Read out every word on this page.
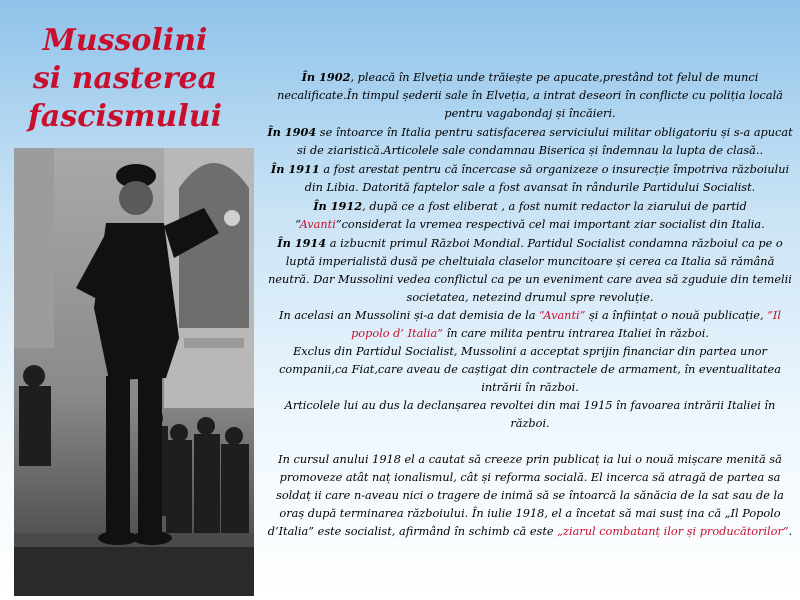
Mussolini
si nasterea
fascismului

În 1902, pleacă în Elveția unde trăiește pe apucate,prestând tot felul de munci necalificate.În timpul șederii sale în Elveția, a intrat deseori în conflicte cu poliția locală pentru vagabondaj și încăieri.

În 1904 se întoarce în Italia pentru satisfacerea serviciului militar obligatoriu și s-a apucat si de ziaristică.Articolele sale condamnau Biserica și îndemnau la lupta de clasă..

În 1911 a fost arestat pentru că încercase să organizeze o insurecție împotriva războiului din Libia. Datorită faptelor sale a fost avansat în rândurile Partidului Socialist.

În 1912, după ce a fost eliberat , a fost numit redactor la ziarului de partid “Avanti”considerat la vremea respectivă cel mai important ziar socialist din Italia.

În 1914 a izbucnit primul Război Mondial. Partidul Socialist condamna războiul ca pe o luptă imperialistă dusă pe cheltuiala claselor muncitoare și cerea ca Italia să rămână neutră. Dar Mussolini vedea conflictul ca pe un eveniment care avea să zguduie din temelii societatea, netezind drumul spre revoluție.

In acelasi an Mussolini și-a dat demisia de la “Avanti” și a înființat o nouă publicație, “Il popolo d’ Italia” în care milita pentru intrarea Italiei în război.

Exclus din Partidul Socialist, Mussolini a acceptat sprijin financiar din partea unor companii,ca Fiat,care aveau de caștigat din contractele de armament, în eventualitatea intrării în război.

Articolele lui au dus la declanșarea revoltei din mai 1915 în favoarea intrării Italiei în război.

In cursul anului 1918 el a cautat să creeze prin publicaț ia lui o nouă mișcare menită să promoveze atât naț ionalismul, cât și reforma socială. El incerca să atragă de partea sa soldaț ii care n-aveau nici o tragere de inimă să se întoarcă la sănăcia de la sat sau de la oraș după terminarea războiului. În iulie 1918, el a încetat să mai susț ina că „Il Popolo d’Italia” este socialist, afirmând în schimb că este „ziarul combatanț ilor și producătorilor”.
